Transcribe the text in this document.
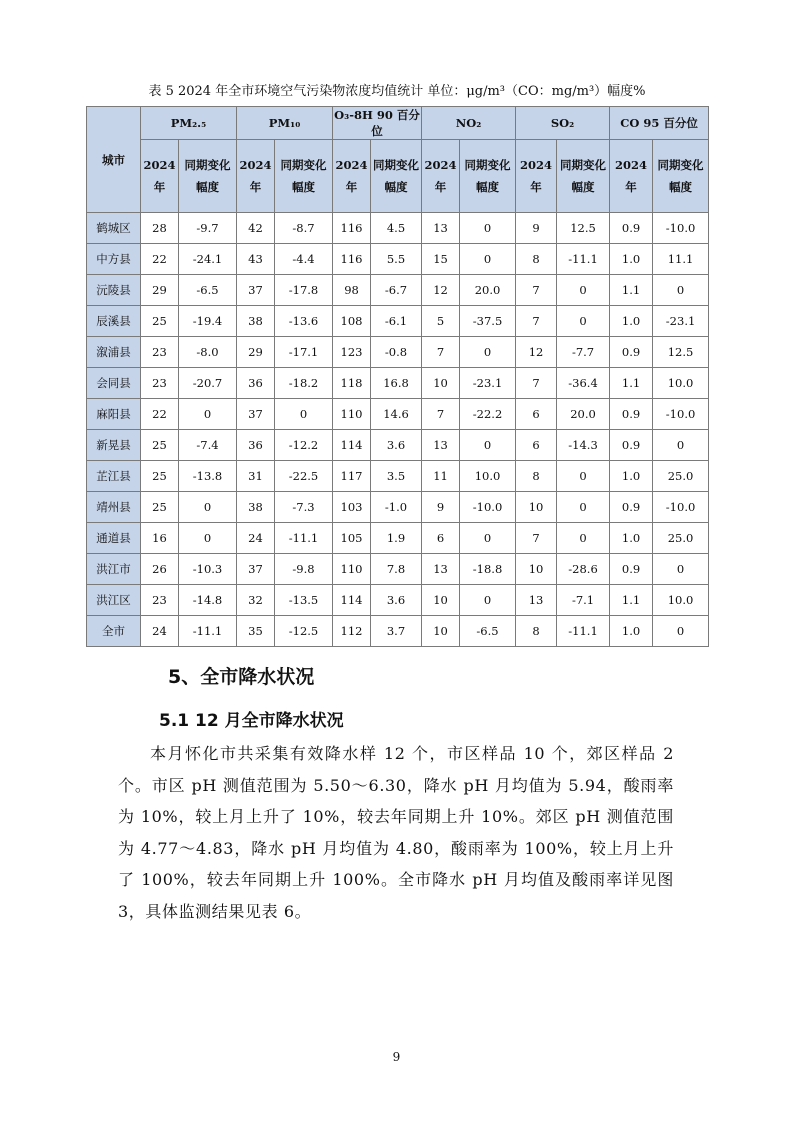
表 5 2024 年全市环境空气污染物浓度均值统计 单位：μg/m³（CO：mg/m³）幅度%
城市	PM₂.₅		PM₁₀		O₃-8H 90 百分位		NO₂		SO₂		CO 95 百分位	
	2024年	同期变化幅度	2024年	同期变化幅度	2024年	同期变化幅度	2024年	同期变化幅度	2024年	同期变化幅度	2024年	同期变化幅度
鹤城区	28	-9.7	42	-8.7	116	4.5	13	0	9	12.5	0.9	-10.0
中方县	22	-24.1	43	-4.4	116	5.5	15	0	8	-11.1	1.0	11.1
沅陵县	29	-6.5	37	-17.8	98	-6.7	12	20.0	7	0	1.1	0
辰溪县	25	-19.4	38	-13.6	108	-6.1	5	-37.5	7	0	1.0	-23.1
溆浦县	23	-8.0	29	-17.1	123	-0.8	7	0	12	-7.7	0.9	12.5
会同县	23	-20.7	36	-18.2	118	16.8	10	-23.1	7	-36.4	1.1	10.0
麻阳县	22	0	37	0	110	14.6	7	-22.2	6	20.0	0.9	-10.0
新晃县	25	-7.4	36	-12.2	114	3.6	13	0	6	-14.3	0.9	0
芷江县	25	-13.8	31	-22.5	117	3.5	11	10.0	8	0	1.0	25.0
靖州县	25	0	38	-7.3	103	-1.0	9	-10.0	10	0	0.9	-10.0
通道县	16	0	24	-11.1	105	1.9	6	0	7	0	1.0	25.0
洪江市	26	-10.3	37	-9.8	110	7.8	13	-18.8	10	-28.6	0.9	0
洪江区	23	-14.8	32	-13.5	114	3.6	10	0	13	-7.1	1.1	10.0
全市	24	-11.1	35	-12.5	112	3.7	10	-6.5	8	-11.1	1.0	0
5、全市降水状况
5.1 12 月全市降水状况
本月怀化市共采集有效降水样 12 个，市区样品 10 个，郊区样品 2 个。市区 pH 测值范围为 5.50～6.30，降水 pH 月均值为 5.94，酸雨率为 10%，较上月上升了 10%，较去年同期上升 10%。郊区 pH 测值范围为 4.77～4.83，降水 pH 月均值为 4.80，酸雨率为 100%，较上月上升了 100%，较去年同期上升 100%。全市降水 pH 月均值及酸雨率详见图 3，具体监测结果见表 6。
9
